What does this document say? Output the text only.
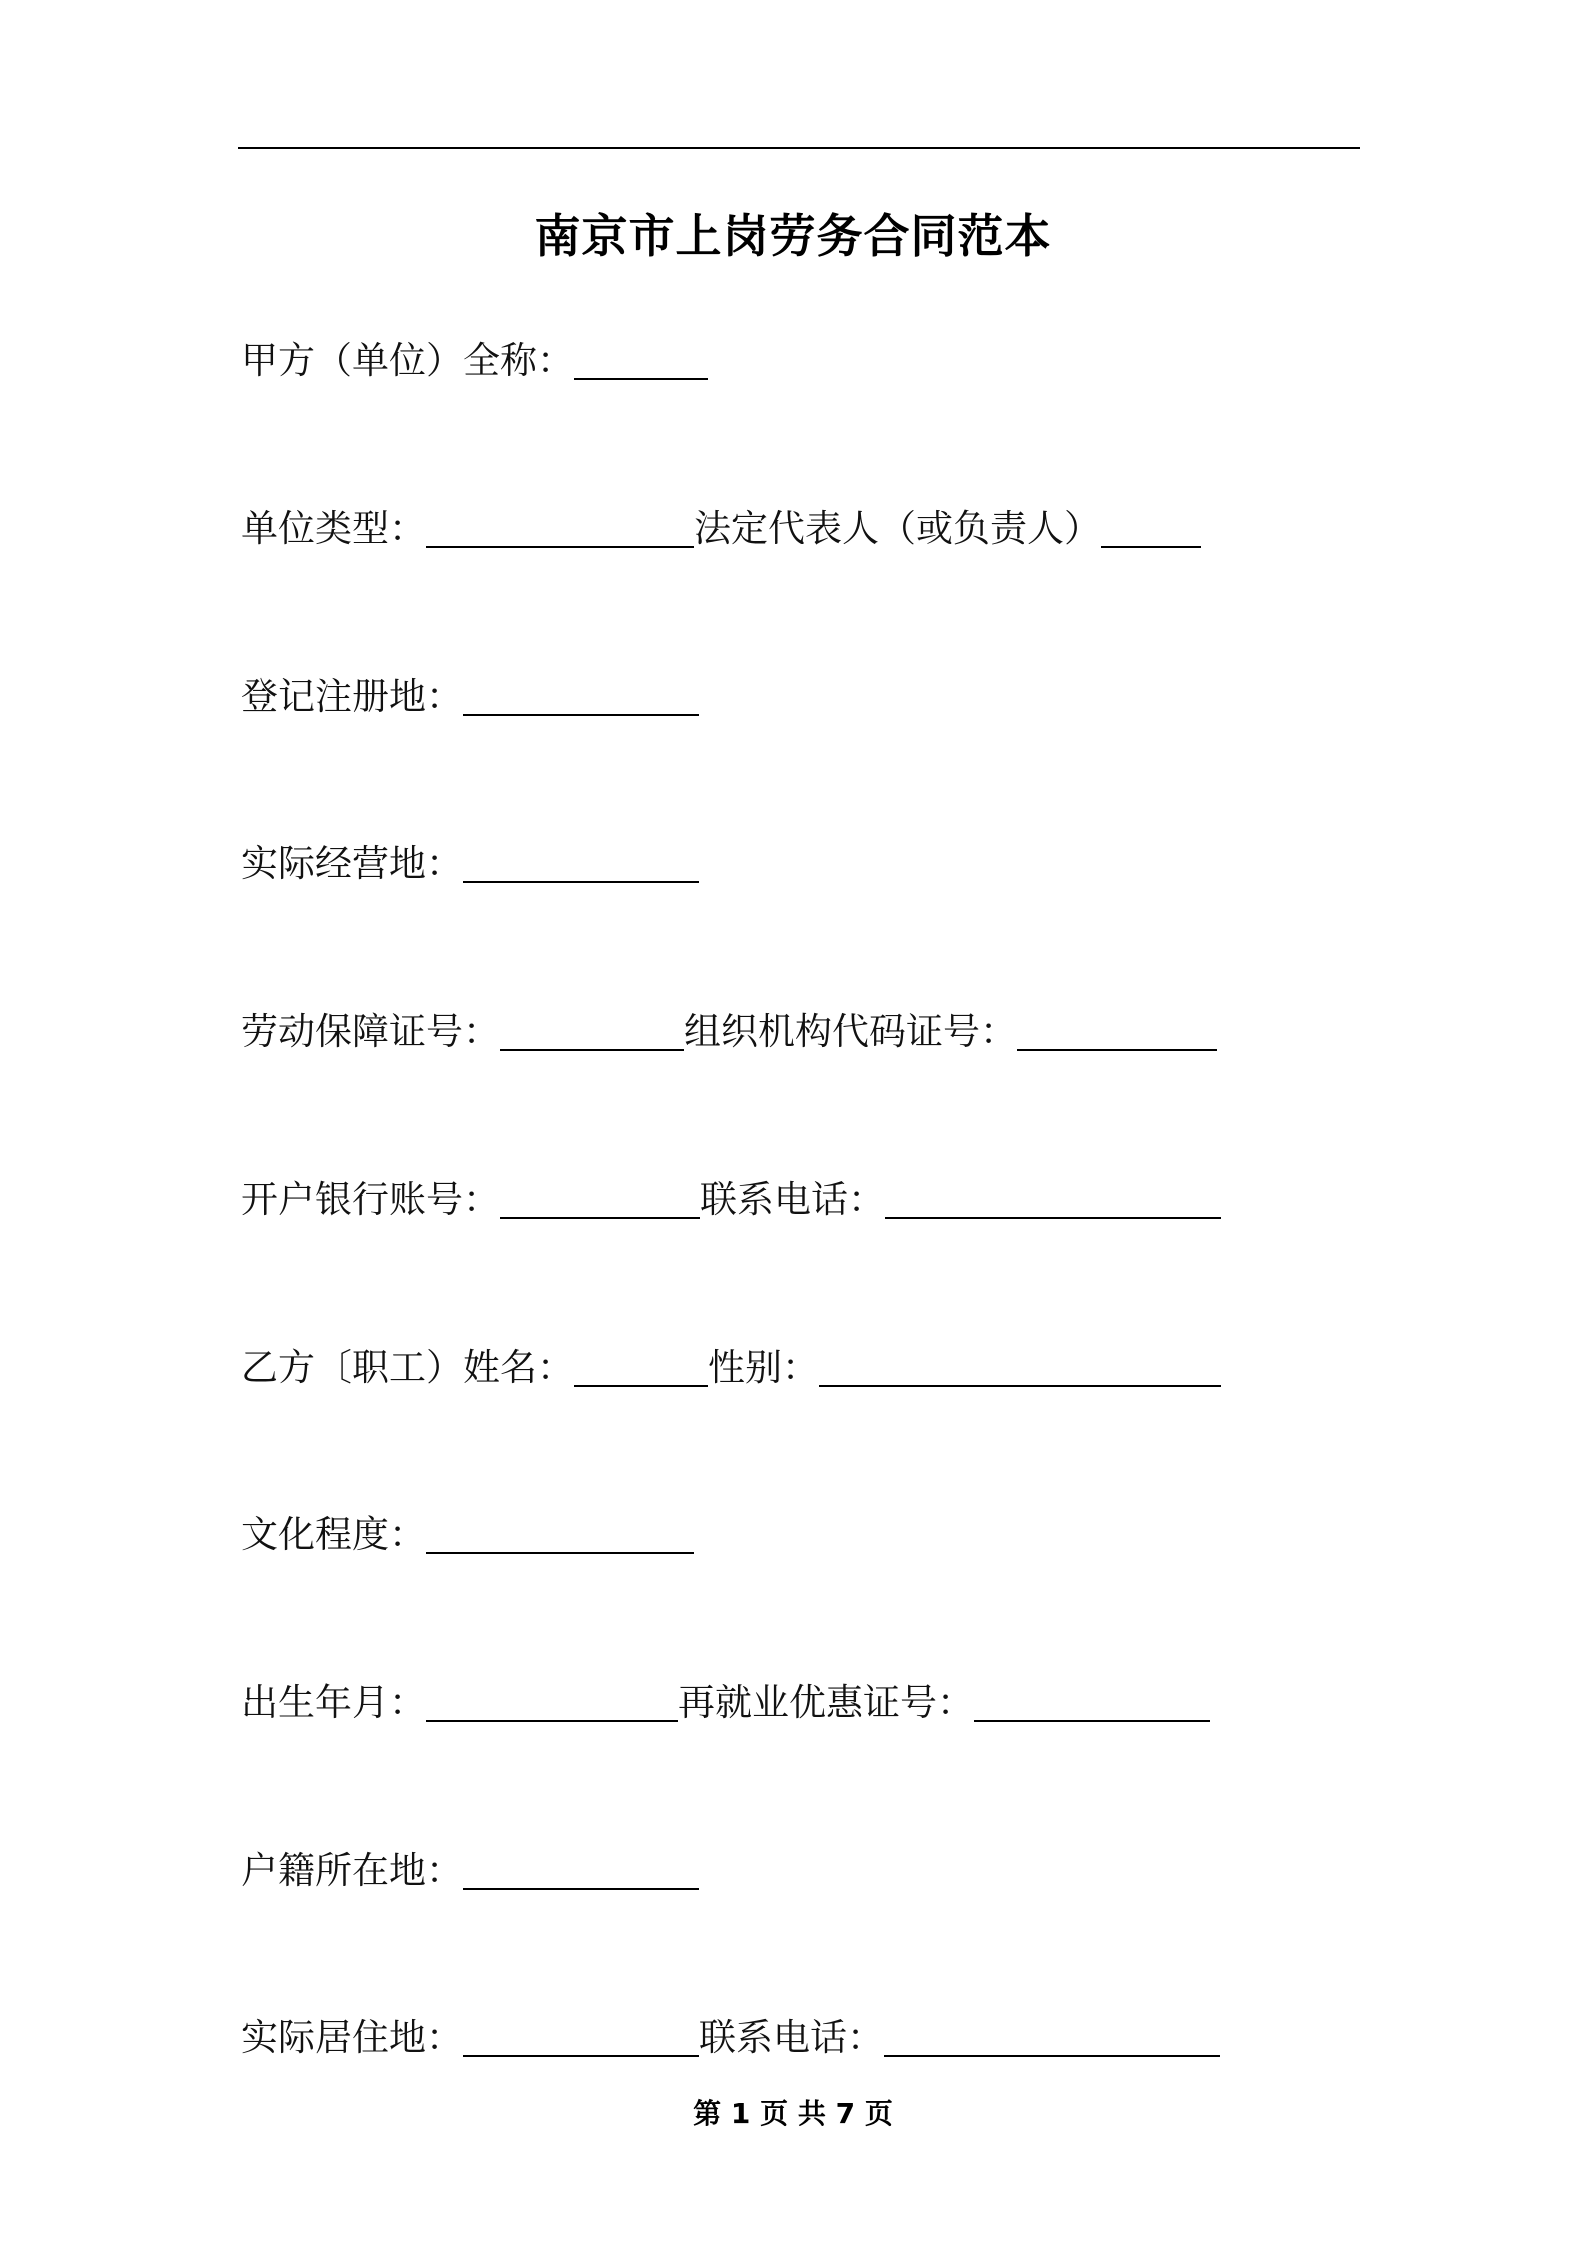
南京市上岗劳务合同范本
甲方（单位）全称：
单位类型：	法定代表人（或负责人）
登记注册地：
实际经营地：
劳动保障证号：	组织机构代码证号：
开户银行账号：	联系电话：
乙方〔职工）姓名：	性别：
文化程度：
出生年月：	再就业优惠证号：
户籍所在地：
实际居住地：	联系电话：
第 1 页 共 7 页
